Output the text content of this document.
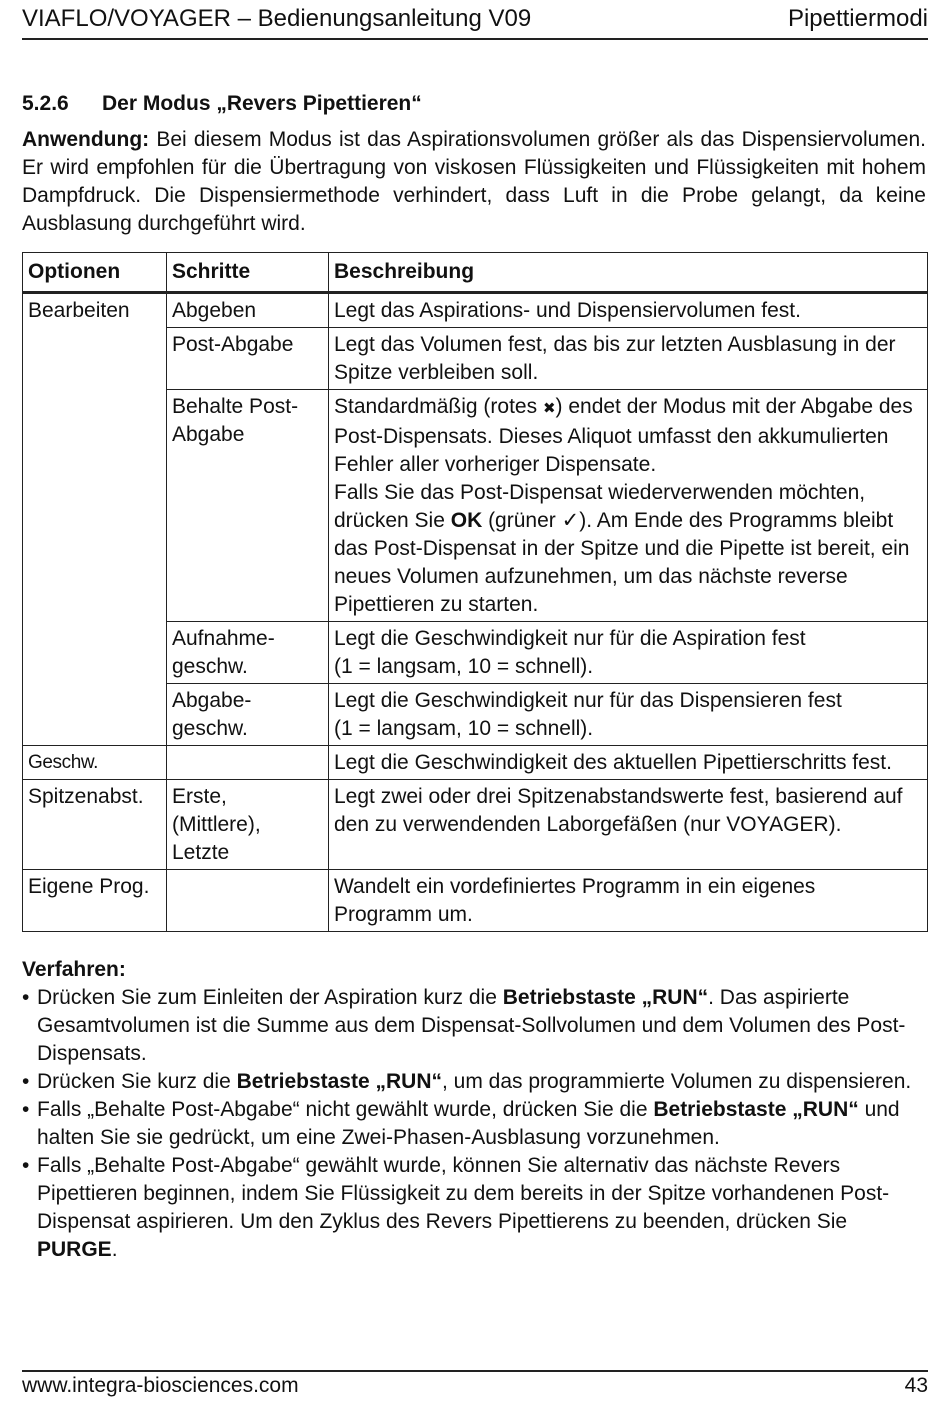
VIAFLO/VOYAGER – Bedienungsanleitung V09	Pipettiermodi
5.2.6 Der Modus „Revers Pipettieren“
Anwendung: Bei diesem Modus ist das Aspirationsvolumen größer als das Dispensiervolumen. Er wird empfohlen für die Übertragung von viskosen Flüssigkeiten und Flüssigkeiten mit hohem Dampfdruck. Die Dispensiermethode verhindert, dass Luft in die Probe gelangt, da keine Ausblasung durchgeführt wird.
Optionen	Schritte	Beschreibung
Bearbeiten	Abgeben	Legt das Aspirations- und Dispensiervolumen fest.
	Post-Abgabe	Legt das Volumen fest, das bis zur letzten Ausblasung in der Spitze verbleiben soll.
	Behalte Post-Abgabe	Standardmäßig (rotes ✖) endet der Modus mit der Abgabe des Post-Dispensats. Dieses Aliquot umfasst den akkumulierten Fehler aller vorheriger Dispensate.
Falls Sie das Post-Dispensat wiederverwenden möchten, drücken Sie OK (grüner ✓). Am Ende des Programms bleibt das Post-Dispensat in der Spitze und die Pipette ist bereit, ein neues Volumen aufzunehmen, um das nächste reverse Pipettieren zu starten.
	Aufnahme-geschw.	Legt die Geschwindigkeit nur für die Aspiration fest
(1 = langsam, 10 = schnell).
	Abgabe-geschw.	Legt die Geschwindigkeit nur für das Dispensieren fest
(1 = langsam, 10 = schnell).
Geschw.		Legt die Geschwindigkeit des aktuellen Pipettierschritts fest.
Spitzenabst.	Erste, (Mittlere), Letzte	Legt zwei oder drei Spitzenabstandswerte fest, basierend auf den zu verwendenden Laborgefäßen (nur VOYAGER).
Eigene Prog.		Wandelt ein vordefiniertes Programm in ein eigenes Programm um.
Verfahren:
• Drücken Sie zum Einleiten der Aspiration kurz die Betriebstaste „RUN“. Das aspirierte Gesamtvolumen ist die Summe aus dem Dispensat-Sollvolumen und dem Volumen des Post-Dispensats.
• Drücken Sie kurz die Betriebstaste „RUN“, um das programmierte Volumen zu dispensieren.
• Falls „Behalte Post-Abgabe“ nicht gewählt wurde, drücken Sie die Betriebstaste „RUN“ und halten Sie sie gedrückt, um eine Zwei-Phasen-Ausblasung vorzunehmen.
• Falls „Behalte Post-Abgabe“ gewählt wurde, können Sie alternativ das nächste Revers Pipettieren beginnen, indem Sie Flüssigkeit zu dem bereits in der Spitze vorhandenen Post-Dispensat aspirieren. Um den Zyklus des Revers Pipettierens zu beenden, drücken Sie PURGE.
www.integra-biosciences.com	43
